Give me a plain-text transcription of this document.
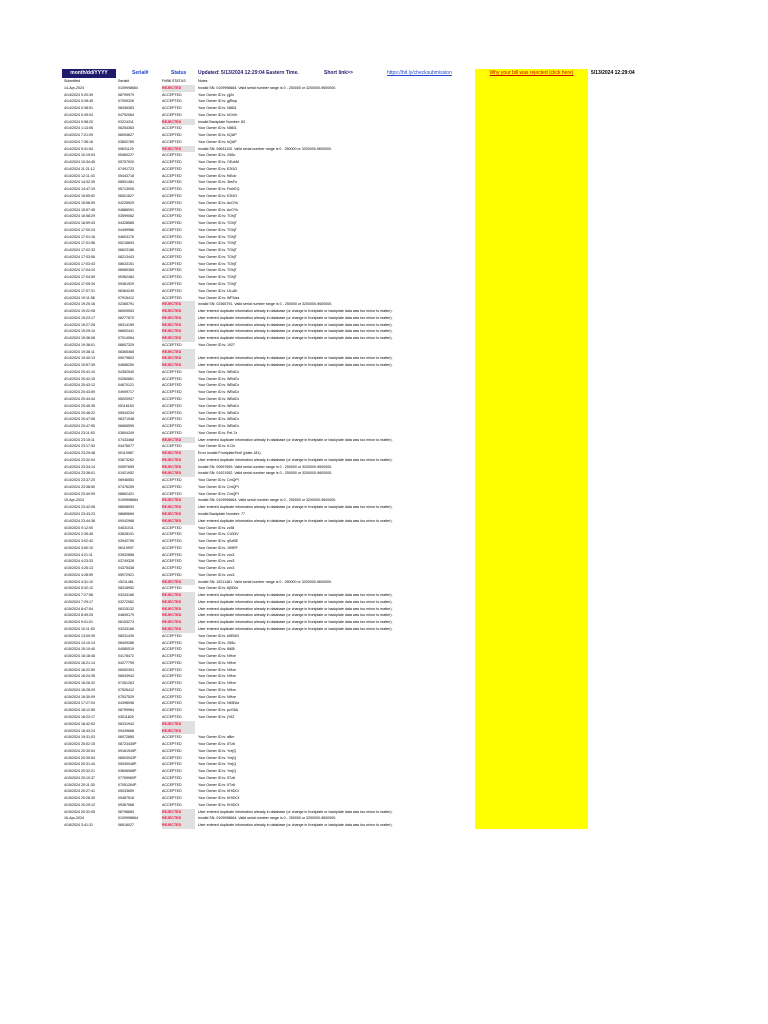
month/dd/YYYY	Serial#	Status Updated: 5/13/2024 12:29:04 Eastern Time.	Short link>>	https://bit.ly/checksubmission	Why your bill was rejected (click here)	5/13/2024 12:29:04
Submitted	Serial#	FirBill STATUS	Notes
14-Apr-2024	0109998664	REJECTED	Invalid SN: 0109998664. Valid serial number range is 0 - 250000 or 3200000-9600000.
4/14/2024 0:20:39	08799979	ACCEPTED	Your Owner ID is: yjjJn
4/14/2024 0:28:45	07099326	ACCEPTED	Your Owner ID is: gjRwp
4/14/2024 0:38:51	08436363	ACCEPTED	Your Owner ID is: N86I1
4/14/2024 0:49:04	04792064	ACCEPTED	Your Owner ID is: hGrVh
4/14/2024 0:58:20	03224311	REJECTED	Invalid Backplate Number: 83
4/14/2024 1:13:06	06254363	ACCEPTED	Your Owner ID is: N86I1
4/14/2024 7:21:09	06094627	ACCEPTED	Your Owner ID is: hQAP
4/14/2024 7:36:16	03652769	ACCEPTED	Your Owner ID is: hQAP
4/14/2024 9:41:54	09631120	REJECTED	Invalid SN: 09631120. Valid serial number range is 0 - 250000 or 3200000-9600000.
4/14/2024 10:19:03	05460227	ACCEPTED	Your Owner ID is: 2lli3o
4/14/2024 10:34:45	05757920	ACCEPTED	Your Owner ID is: OEzkM
4/14/2024 11:21:12	07491723	ACCEPTED	Your Owner ID is: E2t3O
4/14/2024 12:11:43	05443718	ACCEPTED	Your Owner ID is: fhEob
4/14/2024 14:32:39	08501481	ACCEPTED	Your Owner ID is: 3bsFo
4/14/2024 14:47:19	05713005	ACCEPTED	Your Owner ID is: FmhEQ
4/14/2024 15:55:52	06521627	ACCEPTED	Your Owner ID is: E2t3O
4/14/2024 15:56:09	04225929	ACCEPTED	Your Owner ID is: AcOYk
4/14/2024 15:57:45	04886091	ACCEPTED	Your Owner ID is: AcOYk
4/14/2024 16:58:29	03599062	ACCEPTED	Your Owner ID is: TOhjT
4/14/2024 16:59:43	04328585	ACCEPTED	Your Owner ID is: TOhjT
4/14/2024 17:00:24	04499986	ACCEPTED	Your Owner ID is: TOhjT
4/14/2024 17:01:16	04603176	ACCEPTED	Your Owner ID is: TOhjT
4/14/2024 17:01:56	05216693	ACCEPTED	Your Owner ID is: TOhjT
4/14/2024 17:02:33	06623186	ACCEPTED	Your Owner ID is: TOhjT
4/14/2024 17:03:06	08213443	ACCEPTED	Your Owner ID is: TOhjT
4/14/2024 17:03:43	08633151	ACCEPTED	Your Owner ID is: TOhjT
4/14/2024 17:04:24	08989365	ACCEPTED	Your Owner ID is: TOhjT
4/14/2024 17:04:59	09362484	ACCEPTED	Your Owner ID is: TOhjT
4/14/2024 17:05:34	09361929	ACCEPTED	Your Owner ID is: TOhjT
4/14/2024 17:07:31	06364245	ACCEPTED	Your Owner ID is: ULuDr
4/14/2024 19:11:58	07915412	ACCEPTED	Your Owner ID is: WPUsa
4/14/2024 19:20:16	02365791	REJECTED	Invalid SN: 02365791. Valid serial number range is 0 - 250000 or 3200000-9600000.
4/14/2024 19:22:08	06009053	REJECTED	User entered duplicate information already in database (or change in frontplate or backplate data was too minor to matter).
4/14/2024 19:23:17	06277670	REJECTED	User entered duplicate information already in database (or change in frontplate or backplate data was too minor to matter).
4/14/2024 19:27:28	06314199	REJECTED	User entered duplicate information already in database (or change in frontplate or backplate data was too minor to matter).
4/14/2024 19:29:10	06652441	REJECTED	User entered duplicate information already in database (or change in frontplate or backplate data was too minor to matter).
4/14/2024 19:36:06	07914064	REJECTED	User entered duplicate information already in database (or change in frontplate or backplate data was too minor to matter).
4/14/2024 19:38:01	08607329	ACCEPTED	Your Owner ID is: 1927
4/14/2024 19:38:11	08365465	REJECTED
4/14/2024 19:40:13	09079603	REJECTED	User entered duplicate information already in database (or change in frontplate or backplate data was too minor to matter).
4/14/2024 19:57:39	04656250	REJECTED	User entered duplicate information already in database (or change in frontplate or backplate data was too minor to matter).
4/14/2024 20:41:10	04352540	ACCEPTED	Your Owner ID is: WBdCx
4/14/2024 20:42:15	04260861	ACCEPTED	Your Owner ID is: WBdCx
4/14/2024 20:43:12	04670121	ACCEPTED	Your Owner ID is: WBdCx
4/14/2024 20:43:59	04909717	ACCEPTED	Your Owner ID is: WBdCx
4/14/2024 20:44:44	05020937	ACCEPTED	Your Owner ID is: WBdCx
4/14/2024 20:45:35	05116153	ACCEPTED	Your Owner ID is: WBdCx
4/14/2024 20:46:22	05543234	ACCEPTED	Your Owner ID is: WBdCx
4/14/2024 20:47:06	06371048	ACCEPTED	Your Owner ID is: WBdCx
4/14/2024 20:47:50	06665595	ACCEPTED	Your Owner ID is: WBdCx
4/14/2024 23:11:53	03604249	ACCEPTED	Your Owner ID is: PeL7z
4/14/2024 23:15:11	07433468	REJECTED	User entered duplicate information already in database (or change in frontplate or backplate data was too minor to matter).
4/14/2024 23:17:53	04476077	ACCEPTED	Your Owner ID is: rLGn
4/14/2024 23:29:48	00110987	REJECTED	Error Invalid FrontplateText! (plate-181)
4/14/2024 23:32:04	03673262	REJECTED	User entered duplicate information already in database (or change in frontplate or backplate data was too minor to matter).
4/14/2024 23:34:14	00597659	REJECTED	Invalid SN: 00597659. Valid serial number range is 0 - 250000 or 3200000-9600000.
4/14/2024 23:36:01	01921952	REJECTED	Invalid SN: 01921952. Valid serial number range is 0 - 250000 or 3200000-9600000.
4/14/2024 23:37:20	06946553	ACCEPTED	Your Owner ID is: CmQPI
4/14/2024 23:38:50	07476259	ACCEPTED	Your Owner ID is: CmQPI
4/14/2024 23:40:09	08662421	ACCEPTED	Your Owner ID is: CmQPI
15-Apr-2024	0109998664	REJECTED	Invalid SN: 0109998664. Valid serial number range is 0 - 250000 or 3200000-9600000.
4/14/2024 23:42:06	08698093	REJECTED	User entered duplicate information already in database (or change in frontplate or backplate data was too minor to matter).
4/14/2024 23:43:23	08689669	REJECTED	Invalid Backplate Number: 77
4/14/2024 23:44:36	09042968	REJECTED	User entered duplicate information already in database (or change in frontplate or backplate data was too minor to matter).
4/15/2024 0:12:00	04631011	ACCEPTED	Your Owner ID is: zz5li
4/15/2024 2:35:45	03628191	ACCEPTED	Your Owner ID is: CU53V
4/15/2024 3:02:42	03942755	ACCEPTED	Your Owner ID is: qSzBE
4/15/2024 3:50:10	06119997	ACCEPTED	Your Owner ID is: 169RF
4/15/2024 4:21:11	03932858	ACCEPTED	Your Owner ID is: zvc3
4/15/2024 4:23:33	03749326	ACCEPTED	Your Owner ID is: zvc3
4/15/2024 4:26:13	04375438	ACCEPTED	Your Owner ID is: zvc3
4/15/2024 4:28:59	05972921	ACCEPTED	Your Owner ID is: zvc3
4/15/2024 4:31:10	15211481	REJECTED	Invalid SN: 15211481. Valid serial number range is 0 - 250000 or 3200000-9600000.
4/15/2024 5:32:12	08318952	ACCEPTED	Your Owner ID is: 8j0D0c
4/15/2024 7:27:56	03243166	REJECTED	User entered duplicate information already in database (or change in frontplate or backplate data was too minor to matter).
4/15/2024 7:29:17	03272062	REJECTED	User entered duplicate information already in database (or change in frontplate or backplate data was too minor to matter).
4/15/2024 8:47:54	06315132	REJECTED	User entered duplicate information already in database (or change in frontplate or backplate data was too minor to matter).
4/15/2024 8:49:25	04849179	REJECTED	User entered duplicate information already in database (or change in frontplate or backplate data was too minor to matter).
4/15/2024 9:01:01	08153273	REJECTED	User entered duplicate information already in database (or change in frontplate or backplate data was too minor to matter).
4/15/2024 10:11:53	03243166	REJECTED	User entered duplicate information already in database (or change in frontplate or backplate data was too minor to matter).
4/15/2024 13:09:39	08031439	ACCEPTED	Your Owner ID is: b5EMG
4/15/2024 14:10:14	08409286	ACCEPTED	Your Owner ID is: 2lli3o
4/15/2024 15:10:40	04080019	ACCEPTED	Your Owner ID is: 8i6l5
4/15/2024 16:18:46	04178472	ACCEPTED	Your Owner ID is: NHxe
4/15/2024 16:21:14	04277799	ACCEPTED	Your Owner ID is: NHxe
4/15/2024 16:22:59	06052303	ACCEPTED	Your Owner ID is: NHxe
4/15/2024 16:24:35	06543943	ACCEPTED	Your Owner ID is: NHxe
4/15/2024 16:26:32	07451263	ACCEPTED	Your Owner ID is: NHxe
4/15/2024 16:28:29	07526412	ACCEPTED	Your Owner ID is: NHxe
4/15/2024 16:30:09	07537529	ACCEPTED	Your Owner ID is: NHxe
4/15/2024 17:27:04	04398096	ACCEPTED	Your Owner ID is: NMEAz
4/15/2024 18:12:55	08799964	ACCEPTED	Your Owner ID is: pzG6A
4/15/2024 18:23:17	03011825	ACCEPTED	Your Owner ID is: jY6Z
4/15/2024 18:42:53	06331943	REJECTED
4/15/2024 18:43:24	09439668	REJECTED
4/15/2024 19:31:03	06072865	ACCEPTED	Your Owner ID is: aBm
4/15/2024 20:02:15	08723435P	ACCEPTED	Your Owner ID is: 5Tz6
4/15/2024 20:30:04	09161945P	ACCEPTED	Your Owner ID is: YrejQ
4/15/2024 20:30:54	08503043P	ACCEPTED	Your Owner ID is: YrejQ
4/15/2024 20:31:44	05930048P	ACCEPTED	Your Owner ID is: YrejQ
4/15/2024 20:32:21	03606068P	ACCEPTED	Your Owner ID is: YrejQ
4/15/2024 20:10:37	07769960P	ACCEPTED	Your Owner ID is: 5Tz6
4/15/2024 20:11:30	07051264P	ACCEPTED	Your Owner ID is: 5Tz6
4/15/2024 20:27:41	05033659	ACCEPTED	Your Owner ID is: KHiDCt
4/15/2024 20:28:30	09487516	ACCEPTED	Your Owner ID is: KHiDCt
4/15/2024 20:29:12	09367568	ACCEPTED	Your Owner ID is: KHiDCt
4/15/2024 20:32:05	08798683	REJECTED	User entered duplicate information already in database (or change in frontplate or backplate data was too minor to matter).
16-Apr-2024	0109998664	REJECTED	Invalid SN: 0109998664. Valid serial number range is 0 - 250000 or 3200000-9600000.
4/16/2024 3:41:31	08916027	REJECTED	User entered duplicate information already in database (or change in frontplate or backplate data was too minor to matter).
